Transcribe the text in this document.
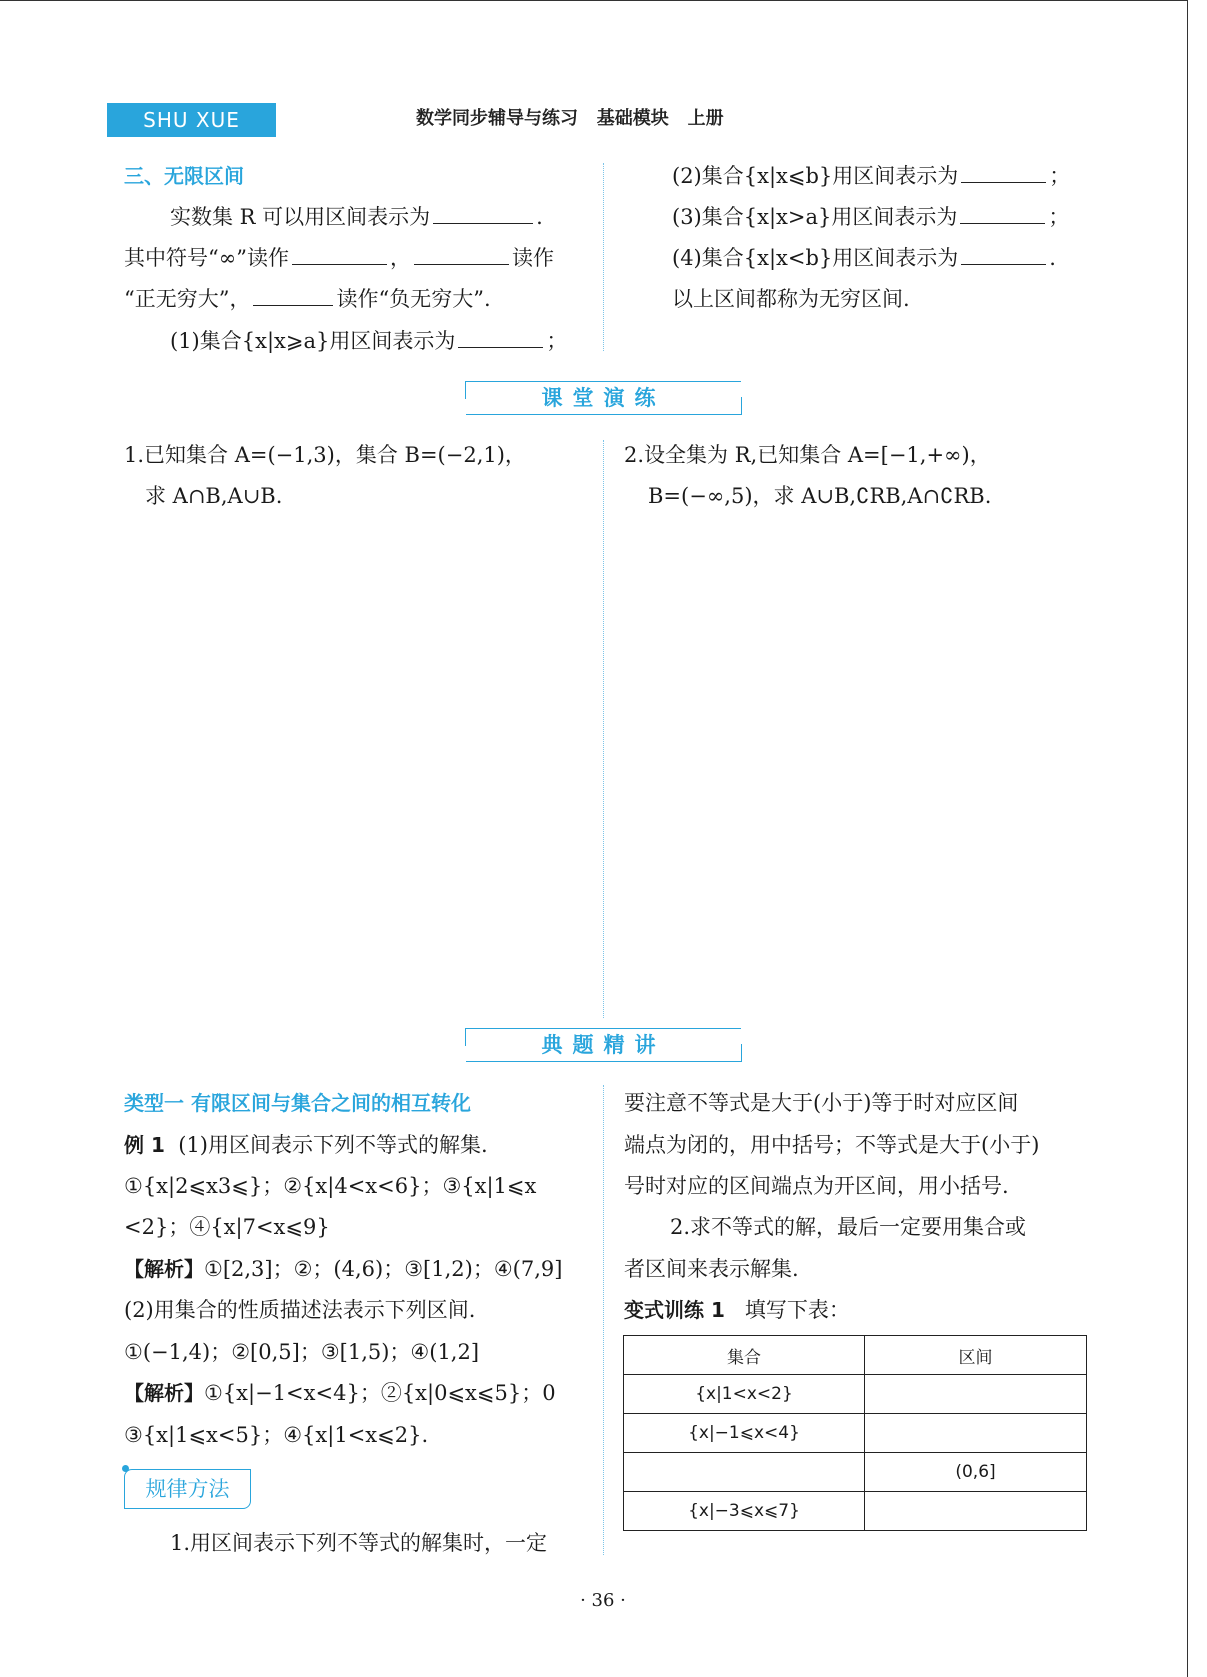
SHU XUE	数学同步辅导与练习   基础模块   上册
三、无限区间
实数集 R 可以用区间表示为	.
其中符号“∞”读作	，	读作
“正无穷大”，	读作“负无穷大”.
(1)集合{x|x⩾a}用区间表示为	；
(2)集合{x|x⩽b}用区间表示为	；
(3)集合{x|x>a}用区间表示为	；
(4)集合{x|x<b}用区间表示为	.
以上区间都称为无穷区间.
课堂演练
1.已知集合 A=(−1,3)，集合 B=(−2,1)，
求 A∩B,A∪B.
2.设全集为 R,已知集合 A=[−1,+∞)，
B=(−∞,5)，求 A∪B,∁RB,A∩∁RB.
典题精讲
类型一 有限区间与集合之间的相互转化
例 1 (1)用区间表示下列不等式的解集.
①{x|2⩽x3⩽}；②{x|4<x<6}；③{x|1⩽x
<2}；④{x|7<x⩽9}
【解析】①[2,3]；②；(4,6)；③[1,2)；④(7,9]
(2)用集合的性质描述法表示下列区间.
①(−1,4)；②[0,5]；③[1,5)；④(1,2]
【解析】①{x|−1<x<4}；②{x|0⩽x⩽5}；0
③{x|1⩽x<5}；④{x|1<x⩽2}.
规律方法
1.用区间表示下列不等式的解集时，一定
要注意不等式是大于(小于)等于时对应区间
端点为闭的，用中括号；不等式是大于(小于)
号时对应的区间端点为开区间，用小括号.
2.求不等式的解，最后一定要用集合或
者区间来表示解集.
变式训练 1 填写下表：
集合	区间
{x|1<x<2}	
{x|−1⩽x<4}	
	(0,6]
{x|−3⩽x⩽7}	
· 36 ·
